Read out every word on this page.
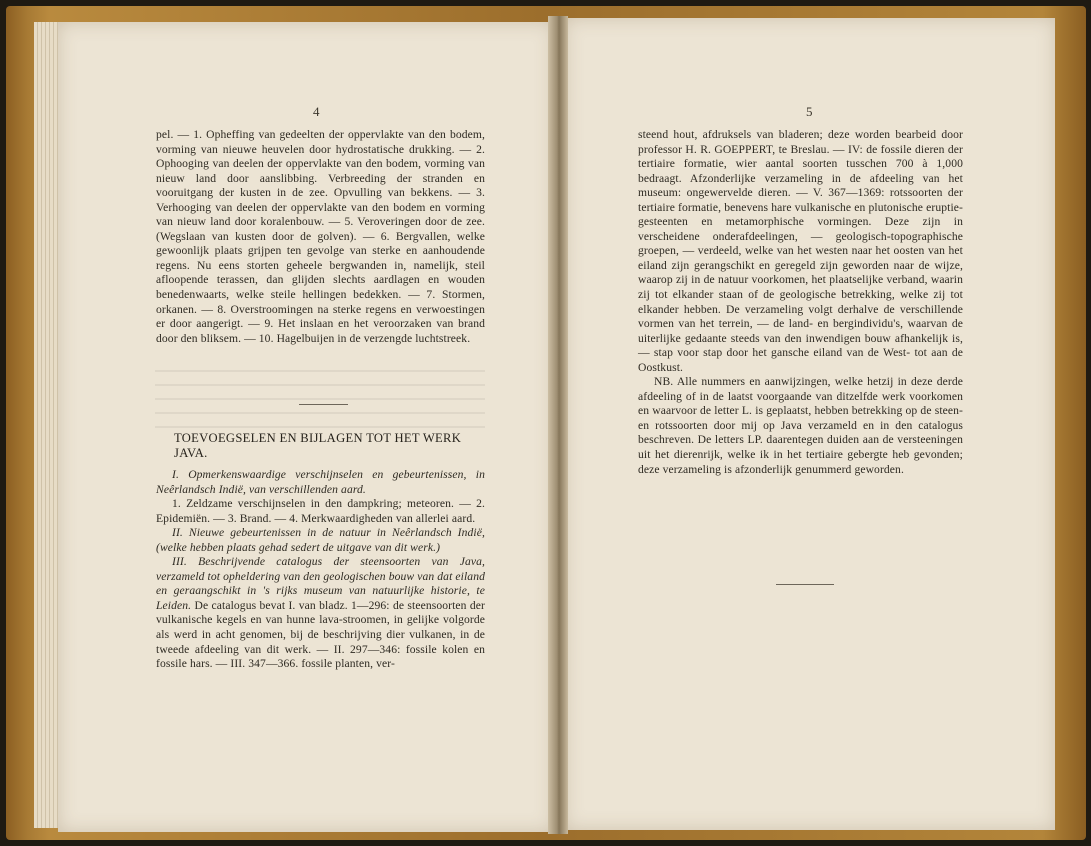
4

pel. — 1. Opheffing van gedeelten der oppervlakte van den bodem, vorming van nieuwe heuvelen door hydrostatische drukking. — 2. Ophooging van deelen der oppervlakte van den bodem, vorming van nieuw land door aanslibbing. Verbreeding der stranden en vooruitgang der kusten in de zee. Opvulling van bekkens. — 3. Verhooging van deelen der oppervlakte van den bodem en vorming van nieuw land door koralenbouw. — 5. Veroveringen door de zee. (Wegslaan van kusten door de golven). — 6. Bergvallen, welke gewoonlijk plaats grijpen ten gevolge van sterke en aanhoudende regens. Nu eens storten geheele bergwanden in, namelijk, steil afloopende terassen, dan glijden slechts aardlagen en wouden benedenwaarts, welke steile hellingen bedekken. — 7. Stormen, orkanen. — 8. Overstroomingen na sterke regens en verwoestingen er door aangerigt. — 9. Het inslaan en het veroorzaken van brand door den bliksem. — 10. Hagelbuijen in de verzengde luchtstreek.

TOEVOEGSELEN EN BIJLAGEN TOT HET WERK JAVA.

I. Opmerkenswaardige verschijnselen en gebeurtenissen, in Neêrlandsch Indië, van verschillenden aard.

1. Zeldzame verschijnselen in den dampkring; meteoren. — 2. Epidemiën. — 3. Brand. — 4. Merkwaardigheden van allerlei aard.

II. Nieuwe gebeurtenissen in de natuur in Neêrlandsch Indië, (welke hebben plaats gehad sedert de uitgave van dit werk.)

III. Beschrijvende catalogus der steensoorten van Java, verzameld tot opheldering van den geologischen bouw van dat eiland en geraangschikt in 's rijks museum van natuurlijke historie, te Leiden. De catalogus bevat I. van bladz. 1—296: de steensoorten der vulkanische kegels en van hunne lava-stroomen, in gelijke volgorde als werd in acht genomen, bij de beschrijving dier vulkanen, in de tweede afdeeling van dit werk. — II. 297—346: fossile kolen en fossile hars. — III. 347—366. fossile planten, ver-

5

steend hout, afdruksels van bladeren; deze worden bearbeid door professor H. R. GOEPPERT, te Breslau. — IV: de fossile dieren der tertiaire formatie, wier aantal soorten tusschen 700 à 1,000 bedraagt. Afzonderlijke verzameling in de afdeeling van het museum: ongewervelde dieren. — V. 367—1369: rotssoorten der tertiaire formatie, benevens hare vulkanische en plutonische eruptie-gesteenten en metamorphische vormingen. Deze zijn in verscheidene onderafdeelingen, — geologisch-topographische groepen, — verdeeld, welke van het westen naar het oosten van het eiland zijn gerangschikt en geregeld zijn geworden naar de wijze, waarop zij in de natuur voorkomen, het plaatselijke verband, waarin zij tot elkander staan of de geologische betrekking, welke zij tot elkander hebben. De verzameling volgt derhalve de verschillende vormen van het terrein, — de land- en bergindividu's, waarvan de uiterlijke gedaante steeds van den inwendigen bouw afhankelijk is, — stap voor stap door het gansche eiland van de West- tot aan de Oostkust.

NB. Alle nummers en aanwijzingen, welke hetzij in deze derde afdeeling of in de laatst voorgaande van ditzelfde werk voorkomen en waarvoor de letter L. is geplaatst, hebben betrekking op de steen- en rotssoorten door mij op Java verzameld en in den catalogus beschreven. De letters LP. daarentegen duiden aan de versteeningen uit het dierenrijk, welke ik in het tertiaire gebergte heb gevonden; deze verzameling is afzonderlijk genummerd geworden.
